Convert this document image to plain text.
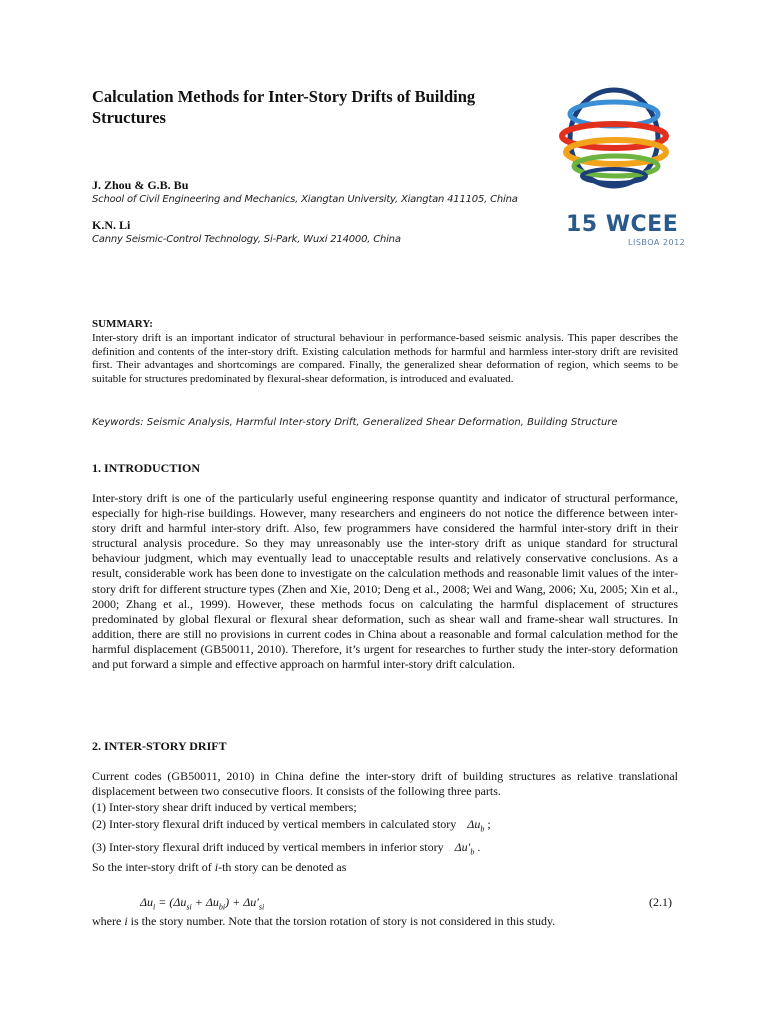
Calculation Methods for Inter-Story Drifts of Building Structures
J. Zhou & G.B. Bu
School of Civil Engineering and Mechanics, Xiangtan University, Xiangtan 411105, China
K.N. Li
Canny Seismic-Control Technology, Si-Park, Wuxi 214000, China
15 WCEE
LISBOA 2012
SUMMARY:
Inter-story drift is an important indicator of structural behaviour in performance-based seismic analysis. This paper describes the definition and contents of the inter-story drift. Existing calculation methods for harmful and harmless inter-story drift are revisited first. Their advantages and shortcomings are compared. Finally, the generalized shear deformation of region, which seems to be suitable for structures predominated by flexural-shear deformation, is introduced and evaluated.
Keywords: Seismic Analysis, Harmful Inter-story Drift, Generalized Shear Deformation, Building Structure
1. INTRODUCTION
Inter-story drift is one of the particularly useful engineering response quantity and indicator of structural performance, especially for high-rise buildings. However, many researchers and engineers do not notice the difference between inter-story drift and harmful inter-story drift. Also, few programmers have considered the harmful inter-story drift in their structural analysis procedure. So they may unreasonably use the inter-story drift as unique standard for structural behaviour judgment, which may eventually lead to unacceptable results and relatively conservative conclusions. As a result, considerable work has been done to investigate on the calculation methods and reasonable limit values of the inter-story drift for different structure types (Zhen and Xie, 2010; Deng et al., 2008; Wei and Wang, 2006; Xu, 2005; Xin et al., 2000; Zhang et al., 1999). However, these methods focus on calculating the harmful displacement of structures predominated by global flexural or flexural shear deformation, such as shear wall and frame-shear wall structures. In addition, there are still no provisions in current codes in China about a reasonable and formal calculation method for the harmful displacement (GB50011, 2010). Therefore, it’s urgent for researches to further study the inter-story deformation and put forward a simple and effective approach on harmful inter-story drift calculation.
2. INTER-STORY DRIFT
Current codes (GB50011, 2010) in China define the inter-story drift of building structures as relative translational displacement between two consecutive floors. It consists of the following three parts.
(1) Inter-story shear drift induced by vertical members;
(2) Inter-story flexural drift induced by vertical members in calculated story $\Delta u_b$ ;
(3) Inter-story flexural drift induced by vertical members in inferior story $\Delta u'_b$ .
So the inter-story drift of i-th story can be denoted as
$\Delta u_i = (\Delta u_{si} + \Delta u_{bi}) + \Delta u'_{si}$	(2.1)
where i is the story number. Note that the torsion rotation of story is not considered in this study.
